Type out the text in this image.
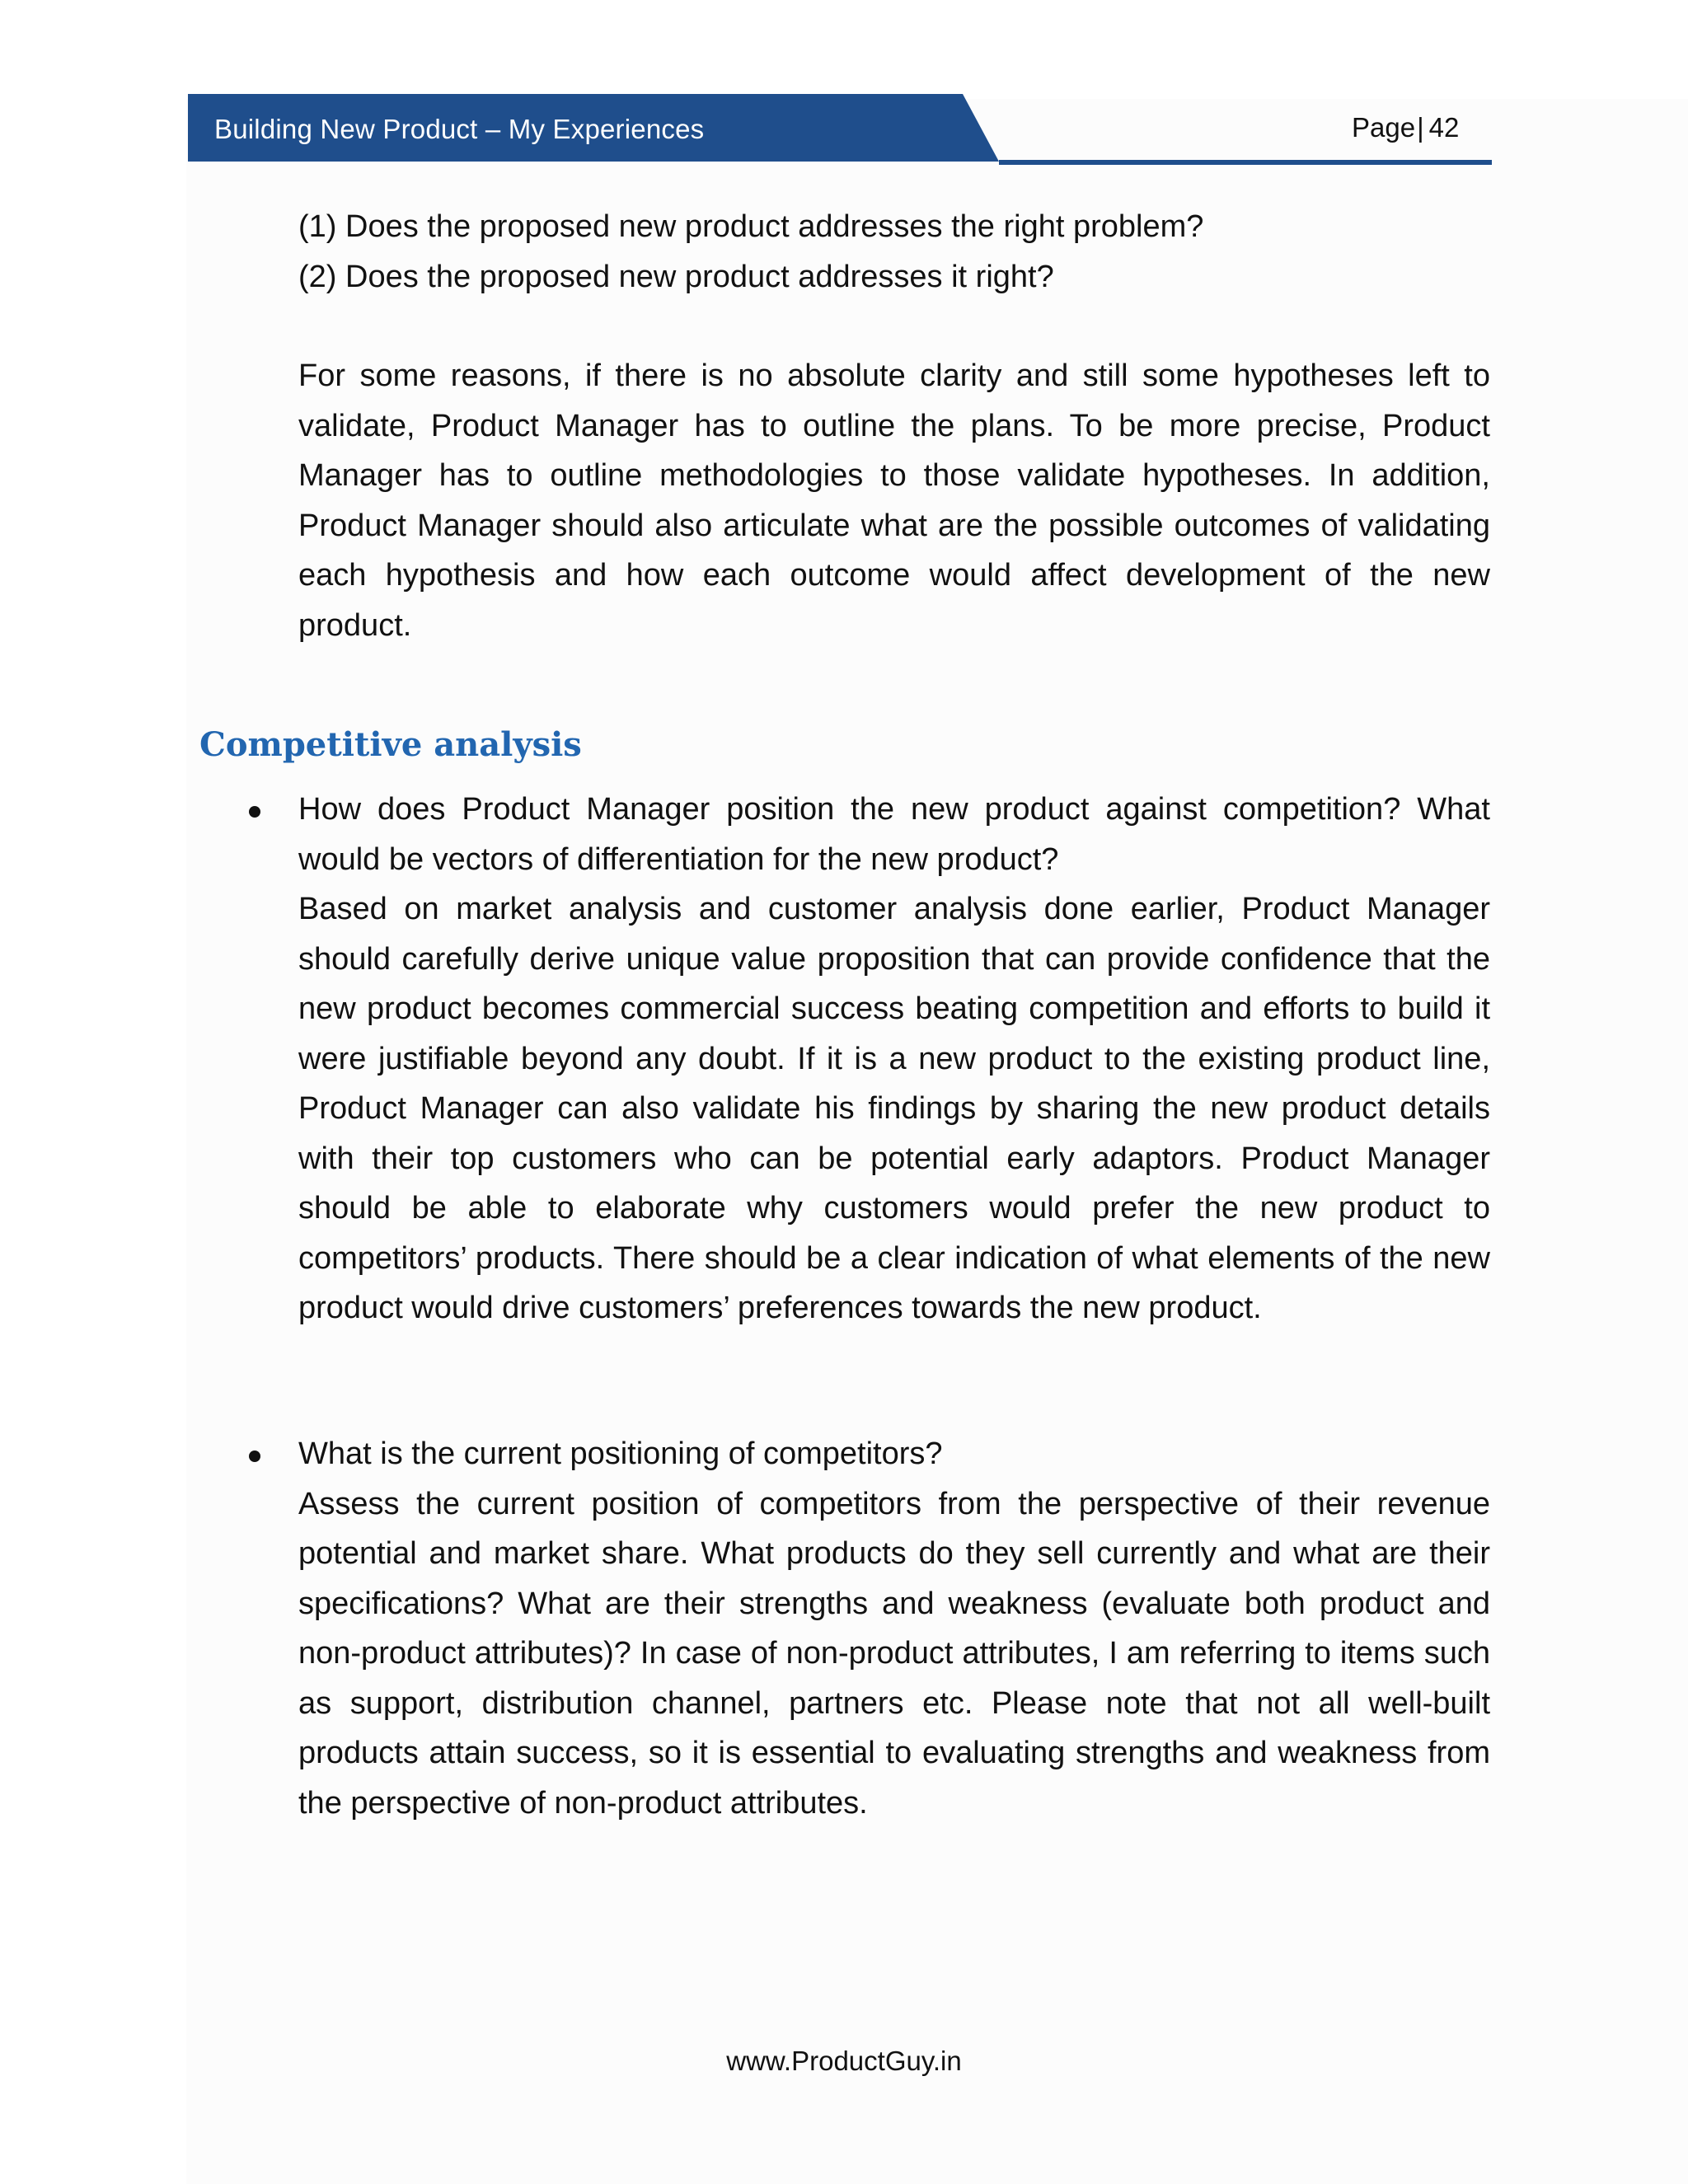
Building New Product – My Experiences	Page| 42

(1) Does the proposed new product addresses the right problem?

(2) Does the proposed new product addresses it right?

For some reasons, if there is no absolute clarity and still some hypotheses left to validate, Product Manager has to outline the plans. To be more precise, Product Manager has to outline methodologies to those validate hypotheses. In addition, Product Manager should also articulate what are the possible outcomes of validating each hypothesis and how each outcome would affect development of the new product.

Competitive analysis

How does Product Manager position the new product against competition? What would be vectors of differentiation for the new product?

Based on market analysis and customer analysis done earlier, Product Manager should carefully derive unique value proposition that can provide confidence that the new product becomes commercial success beating competition and efforts to build it were justifiable beyond any doubt. If it is a new product to the existing product line, Product Manager can also validate his findings by sharing the new product details with their top customers who can be potential early adaptors. Product Manager should be able to elaborate why customers would prefer the new product to competitors’ products. There should be a clear indication of what elements of the new product would drive customers’ preferences towards the new product.

What is the current positioning of competitors?

Assess the current position of competitors from the perspective of their revenue potential and market share. What products do they sell currently and what are their specifications? What are their strengths and weakness (evaluate both product and non-product attributes)? In case of non-product attributes, I am referring to items such as support, distribution channel, partners etc. Please note that not all well-built products attain success, so it is essential to evaluating strengths and weakness from the perspective of non-product attributes.

www.ProductGuy.in
